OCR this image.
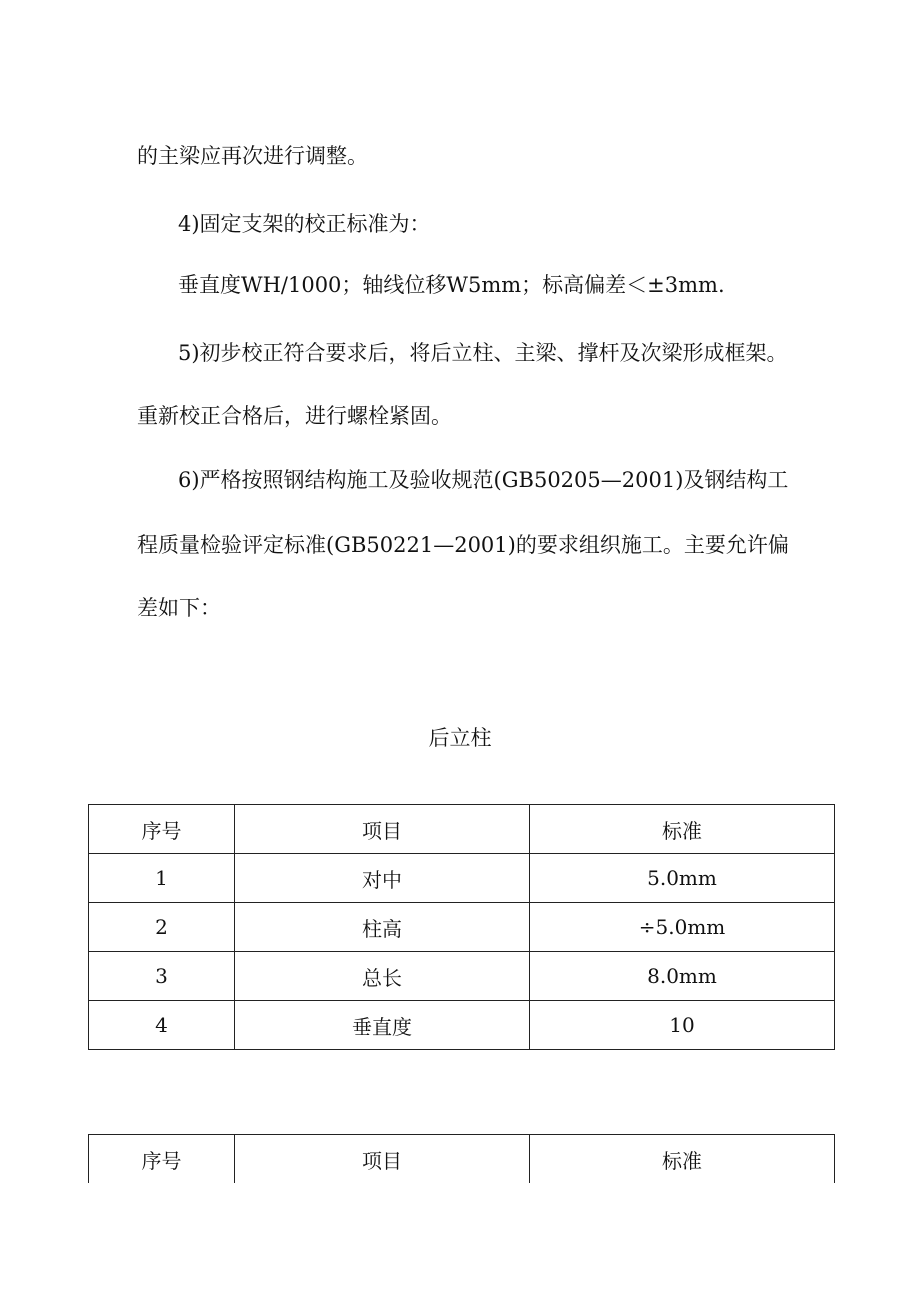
的主梁应再次进行调整。

4)固定支架的校正标准为：

垂直度WH/1000；轴线位移W5mm；标高偏差＜±3mm.

5)初步校正符合要求后，将后立柱、主梁、撑杆及次梁形成框架。

重新校正合格后，进行螺栓紧固。

6)严格按照钢结构施工及验收规范(GB50205—2001)及钢结构工

程质量检验评定标准(GB50221—2001)的要求组织施工。主要允许偏

差如下：

后立柱

序号	项目	标准
1	对中	5.0mm
2	柱高	÷5.0mm
3	总长	8.0mm
4	垂直度	10
序号	项目	标准
